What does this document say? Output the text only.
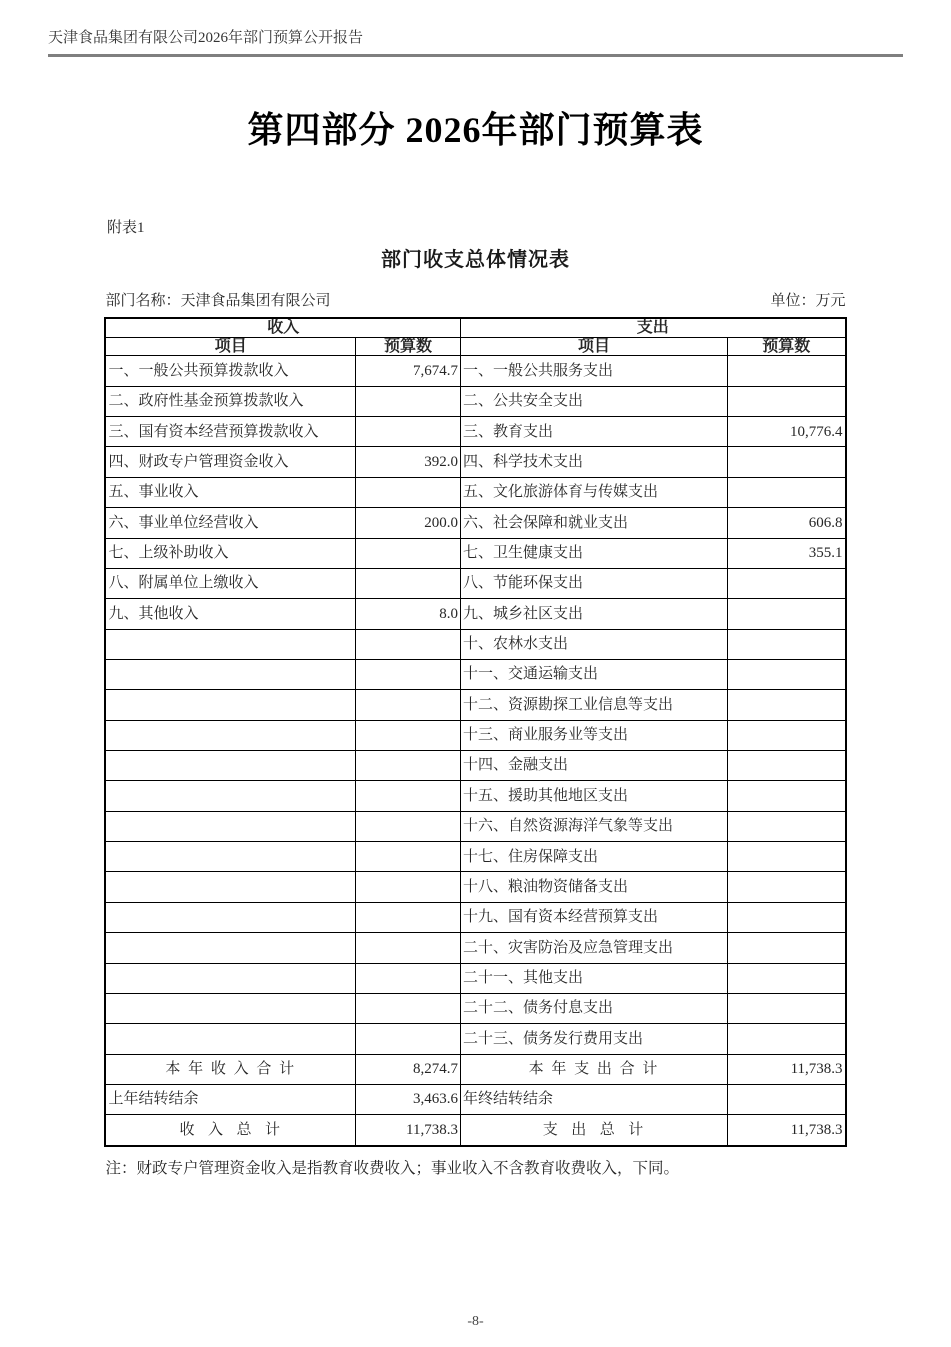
天津食品集团有限公司2026年部门预算公开报告
第四部分 2026年部门预算表
附表1
部门收支总体情况表
部门名称：天津食品集团有限公司	单位：万元
收入		支出	
项目	预算数	项目	预算数
一、一般公共预算拨款收入	7,674.7	一、一般公共服务支出	
二、政府性基金预算拨款收入		二、公共安全支出	
三、国有资本经营预算拨款收入		三、教育支出	10,776.4
四、财政专户管理资金收入	392.0	四、科学技术支出	
五、事业收入		五、文化旅游体育与传媒支出	
六、事业单位经营收入	200.0	六、社会保障和就业支出	606.8
七、上级补助收入		七、卫生健康支出	355.1
八、附属单位上缴收入		八、节能环保支出	
九、其他收入	8.0	九、城乡社区支出	
		十、农林水支出	
		十一、交通运输支出	
		十二、资源勘探工业信息等支出	
		十三、商业服务业等支出	
		十四、金融支出	
		十五、援助其他地区支出	
		十六、自然资源海洋气象等支出	
		十七、住房保障支出	
		十八、粮油物资储备支出	
		十九、国有资本经营预算支出	
		二十、灾害防治及应急管理支出	
		二十一、其他支出	
		二十二、债务付息支出	
		二十三、债务发行费用支出	
本 年 收 入 合 计	8,274.7	本 年 支 出 合 计	11,738.3
上年结转结余	3,463.6	年终结转结余	
收  入  总  计	11,738.3	支  出  总  计	11,738.3
注：财政专户管理资金收入是指教育收费收入；事业收入不含教育收费收入，下同。
-8-
